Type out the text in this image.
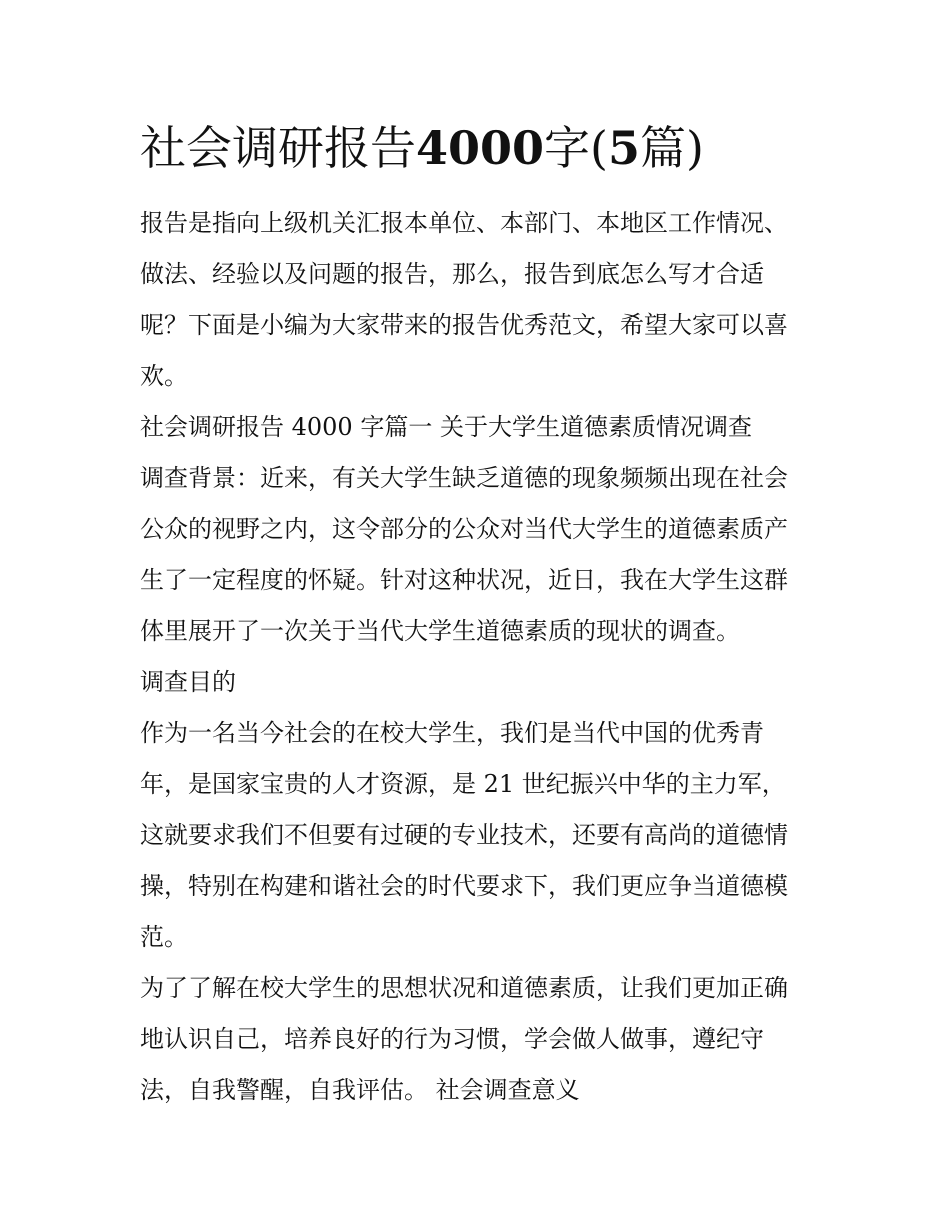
社会调研报告4000字(5篇)

报告是指向上级机关汇报本单位、本部门、本地区工作情况、
做法、经验以及问题的报告，那么，报告到底怎么写才合适
呢？下面是小编为大家带来的报告优秀范文，希望大家可以喜
欢。

社会调研报告 4000 字篇一 关于大学生道德素质情况调查

调查背景：近来，有关大学生缺乏道德的现象频频出现在社会
公众的视野之内，这令部分的公众对当代大学生的道德素质产
生了一定程度的怀疑。针对这种状况，近日，我在大学生这群
体里展开了一次关于当代大学生道德素质的现状的调查。

调查目的

作为一名当今社会的在校大学生，我们是当代中国的优秀青
年，是国家宝贵的人才资源，是 21 世纪振兴中华的主力军，
这就要求我们不但要有过硬的专业技术，还要有高尚的道德情
操，特别在构建和谐社会的时代要求下，我们更应争当道德模
范。

为了了解在校大学生的思想状况和道德素质，让我们更加正确
地认识自己，培养良好的行为习惯，学会做人做事，遵纪守
法，自我警醒，自我评估。 社会调查意义
